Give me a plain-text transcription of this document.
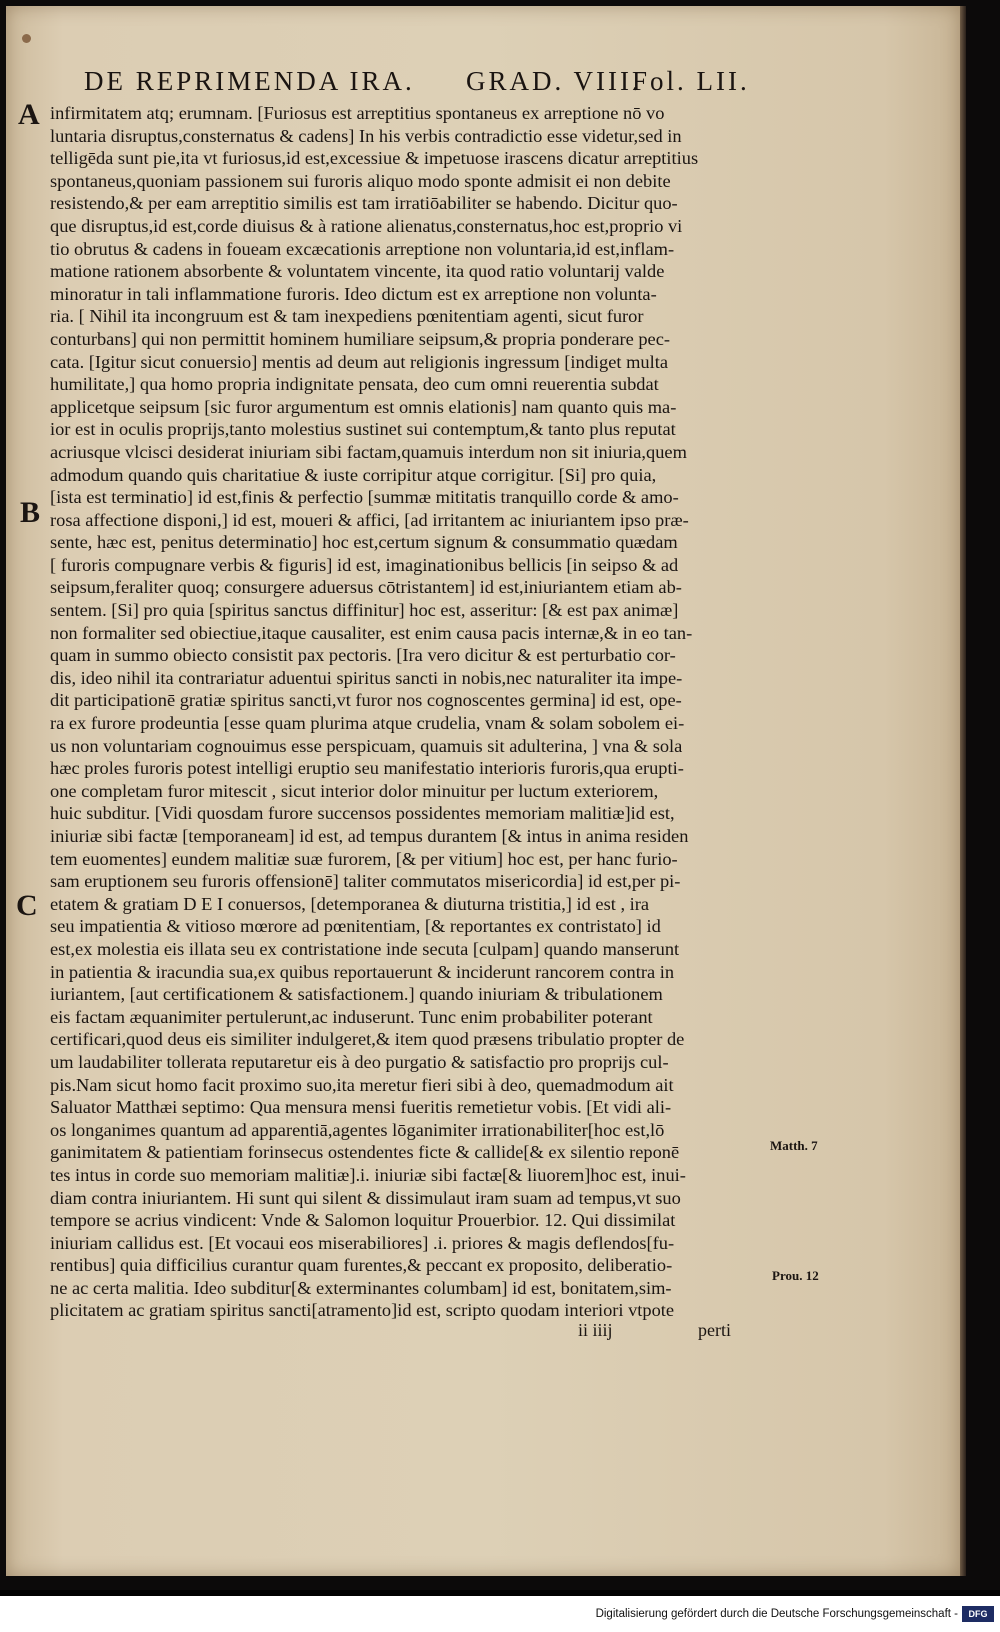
DE REPRIMENDA IRA. GRAD. VIII.
Fol. LII.
A
B
C
infirmitatem atq; erumnam. [Furiosus est arreptitius spontaneus ex arreptione nō vo
luntaria disruptus,consternatus & cadens] In his verbis contradictio esse videtur,sed in
telligēda sunt pie,ita vt furiosus,id est,excessiue & impetuose irascens dicatur arreptitius
spontaneus,quoniam passionem sui furoris aliquo modo sponte admisit ei non debite
resistendo,& per eam arreptitio similis est tam irratiōabiliter se habendo. Dicitur quo-
que disruptus,id est,corde diuisus & à ratione alienatus,consternatus,hoc est,proprio vi
tio obrutus & cadens in foueam excæcationis arreptione non voluntaria,id est,inflam-
matione rationem absorbente & voluntatem vincente, ita quod ratio voluntarij valde
minoratur in tali inflammatione furoris. Ideo dictum est ex arreptione non volunta-
ria. [ Nihil ita incongruum est & tam inexpediens pœnitentiam agenti, sicut furor
conturbans] qui non permittit hominem humiliare seipsum,& propria ponderare pec-
cata. [Igitur sicut conuersio] mentis ad deum aut religionis ingressum [indiget multa
humilitate,] qua homo propria indignitate pensata, deo cum omni reuerentia subdat
applicetque seipsum [sic furor argumentum est omnis elationis] nam quanto quis ma-
ior est in oculis proprijs,tanto molestius sustinet sui contemptum,& tanto plus reputat
acriusque vlcisci desiderat iniuriam sibi factam,quamuis interdum non sit iniuria,quem
admodum quando quis charitatiue & iuste corripitur atque corrigitur. [Si] pro quia,
[ista est terminatio] id est,finis & perfectio [summæ mititatis tranquillo corde & amo-
rosa affectione disponi,] id est, moueri & affici, [ad irritantem ac iniuriantem ipso præ-
sente, hæc est, penitus determinatio] hoc est,certum signum & consummatio quædam
[ furoris compugnare verbis & figuris] id est, imaginationibus bellicis [in seipso & ad
seipsum,feraliter quoq; consurgere aduersus cōtristantem] id est,iniuriantem etiam ab-
sentem. [Si] pro quia [spiritus sanctus diffinitur] hoc est, asseritur: [& est pax animæ]
non formaliter sed obiectiue,itaque causaliter, est enim causa pacis internæ,& in eo tan-
quam in summo obiecto consistit pax pectoris. [Ira vero dicitur & est perturbatio cor-
dis, ideo nihil ita contrariatur aduentui spiritus sancti in nobis,nec naturaliter ita impe-
dit participationē gratiæ spiritus sancti,vt furor nos cognoscentes germina] id est, ope-
ra ex furore prodeuntia [esse quam plurima atque crudelia, vnam & solam sobolem ei-
us non voluntariam cognouimus esse perspicuam, quamuis sit adulterina, ] vna & sola
hæc proles furoris potest intelligi eruptio seu manifestatio interioris furoris,qua erupti-
one completam furor mitescit , sicut interior dolor minuitur per luctum exteriorem,
huic subditur. [Vidi quosdam furore succensos possidentes memoriam malitiæ]id est,
iniuriæ sibi factæ [temporaneam] id est, ad tempus durantem [& intus in anima residen
tem euomentes] eundem malitiæ suæ furorem, [& per vitium] hoc est, per hanc furio-
sam eruptionem seu furoris offensionē] taliter commutatos misericordia] id est,per pi-
etatem & gratiam D E I conuersos, [detemporanea & diuturna tristitia,] id est , ira
seu impatientia & vitioso mœrore ad pœnitentiam, [& reportantes ex contristato] id
est,ex molestia eis illata seu ex contristatione inde secuta [culpam] quando manserunt
in patientia & iracundia sua,ex quibus reportauerunt & inciderunt rancorem contra in
iuriantem, [aut certificationem & satisfactionem.] quando iniuriam & tribulationem
eis factam æquanimiter pertulerunt,ac induserunt. Tunc enim probabiliter poterant
certificari,quod deus eis similiter indulgeret,& item quod præsens tribulatio propter de
um laudabiliter tollerata reputaretur eis à deo purgatio & satisfactio pro proprijs cul-
pis.Nam sicut homo facit proximo suo,ita meretur fieri sibi à deo, quemadmodum ait
Saluator Matthæi septimo: Qua mensura mensi fueritis remetietur vobis. [Et vidi ali-
os longanimes quantum ad apparentiā,agentes lōganimiter irrationabiliter[hoc est,lō
ganimitatem & patientiam forinsecus ostendentes ficte & callide[& ex silentio reponē
tes intus in corde suo memoriam malitiæ].i. iniuriæ sibi factæ[& liuorem]hoc est, inui-
diam contra iniuriantem. Hi sunt qui silent & dissimulaut iram suam ad tempus,vt suo
tempore se acrius vindicent: Vnde & Salomon loquitur Prouerbior. 12. Qui dissimilat
iniuriam callidus est. [Et vocaui eos miserabiliores] .i. priores & magis deflendos[fu-
rentibus] quia difficilius curantur quam furentes,& peccant ex proposito, deliberatio-
ne ac certa malitia. Ideo subditur[& exterminantes columbam] id est, bonitatem,sim-
plicitatem ac gratiam spiritus sancti[atramento]id est, scripto quodam interiori vtpote
Matth. 7
Prou. 12
ii iiij	perti
Digitalisierung gefördert durch die Deutsche Forschungsgemeinschaft -	DFG
